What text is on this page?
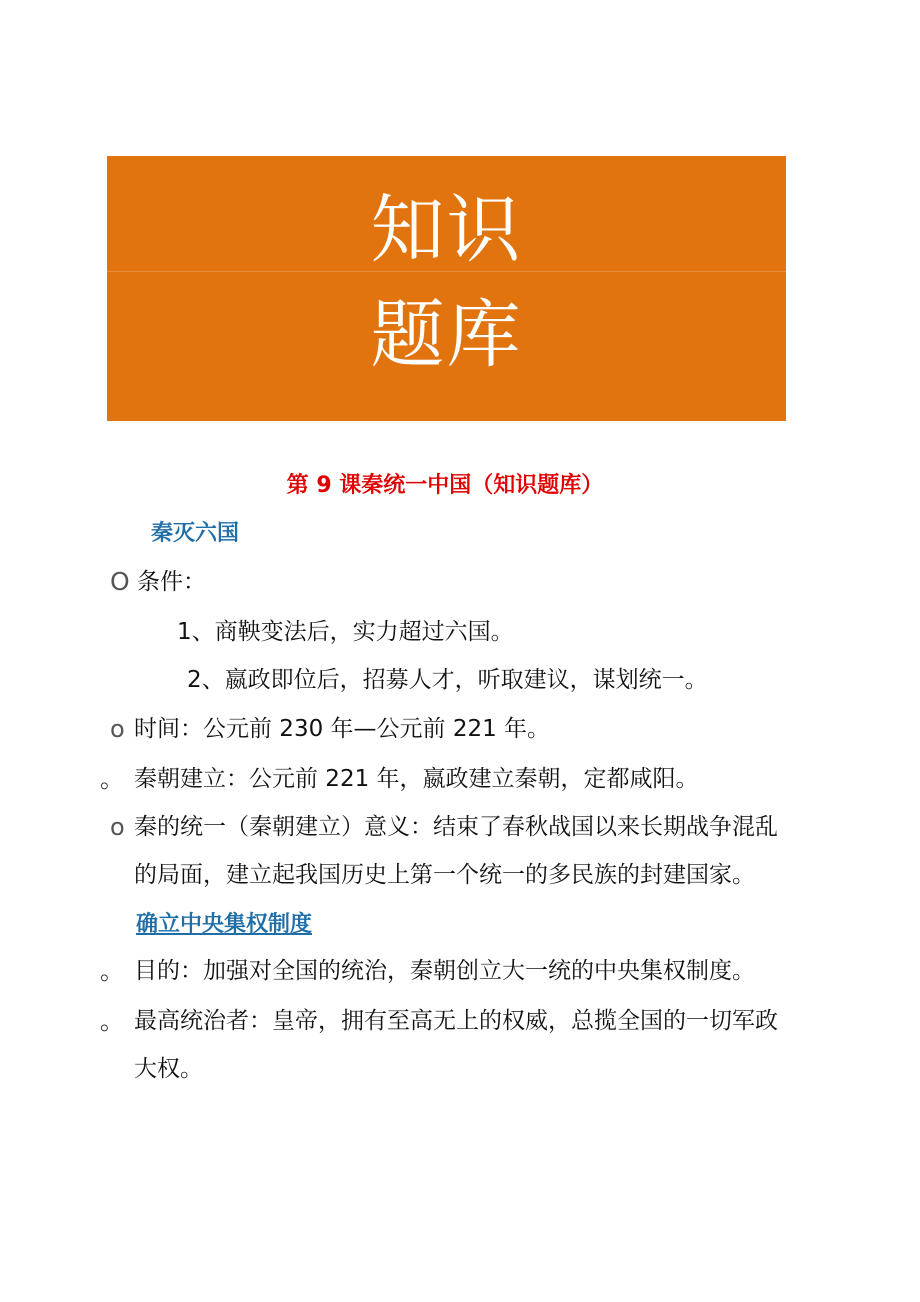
知识
题库
第 9 课秦统一中国（知识题库）
秦灭六国
O 条件：
1、商鞅变法后，实力超过六国。
2、嬴政即位后，招募人才，听取建议，谋划统一。
o 时间：公元前 230 年—公元前 221 年。
。 秦朝建立：公元前 221 年，嬴政建立秦朝，定都咸阳。
o 秦的统一（秦朝建立）意义：结束了春秋战国以来长期战争混乱
的局面，建立起我国历史上第一个统一的多民族的封建国家。
确立中央集权制度
。 目的：加强对全国的统治，秦朝创立大一统的中央集权制度。
。 最高统治者：皇帝，拥有至高无上的权威，总揽全国的一切军政
大权。
